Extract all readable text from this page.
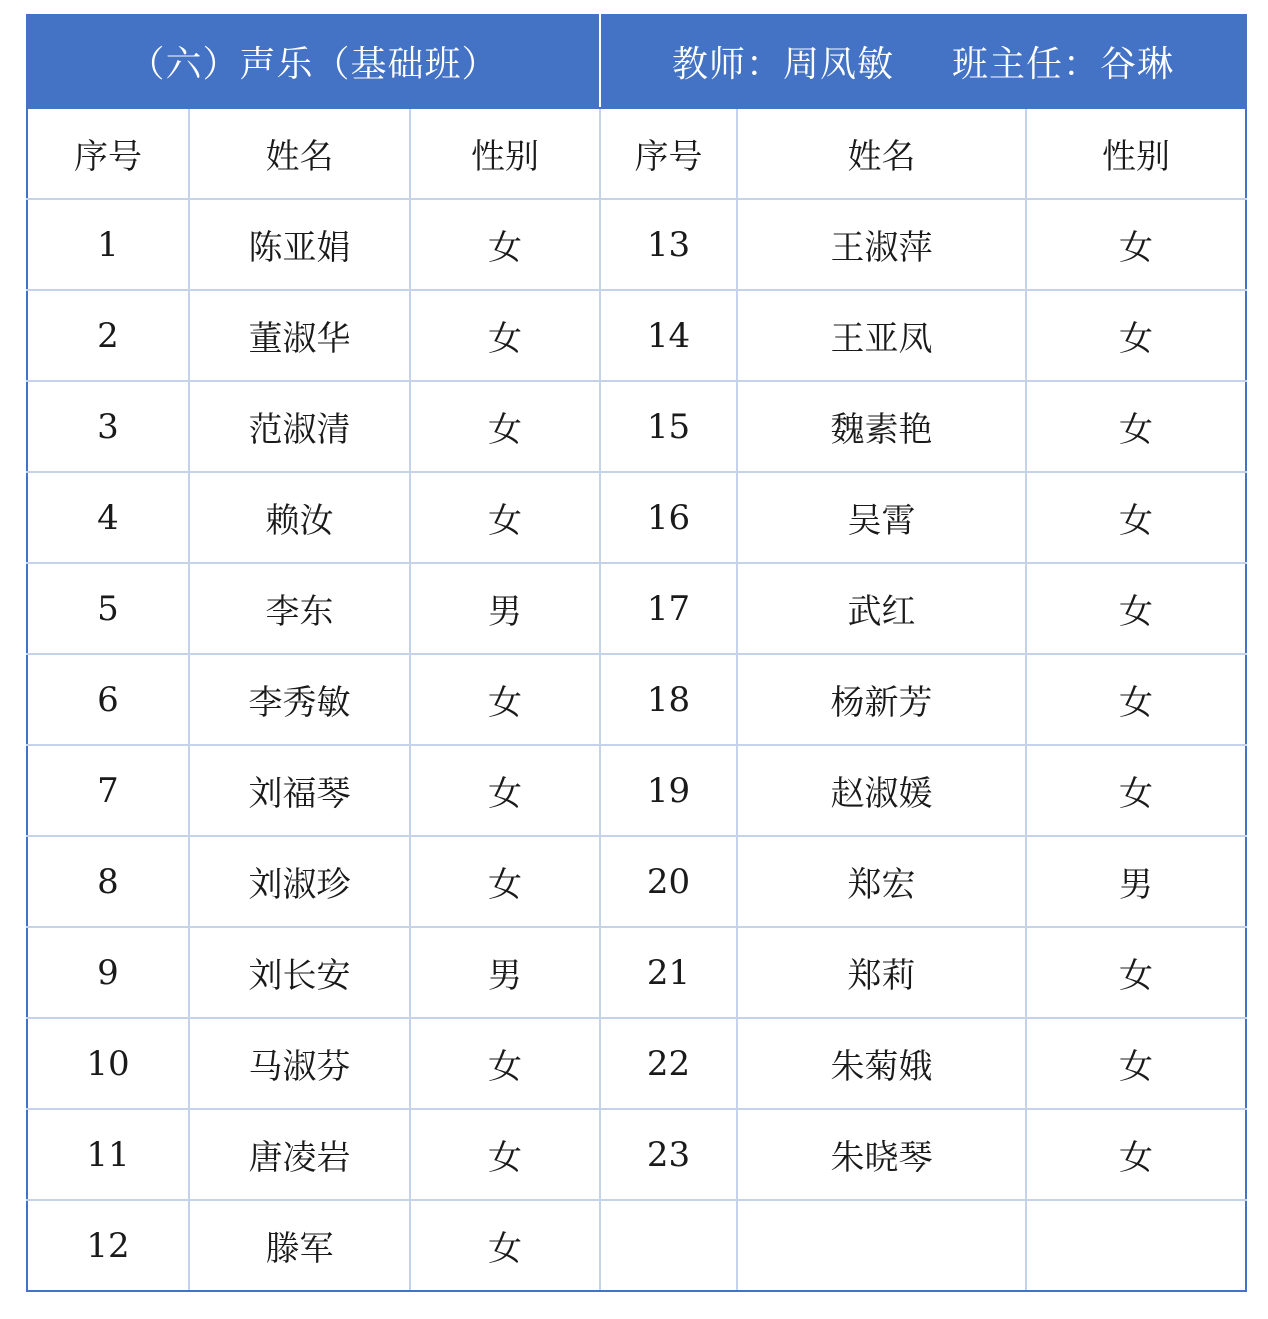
（六）声乐（基础班）			教师：周凤敏 班主任：谷琳		
序号	姓名	性别	序号	姓名	性别
1	陈亚娟	女	13	王淑萍	女
2	董淑华	女	14	王亚凤	女
3	范淑清	女	15	魏素艳	女
4	赖汝	女	16	吴霄	女
5	李东	男	17	武红	女
6	李秀敏	女	18	杨新芳	女
7	刘福琴	女	19	赵淑媛	女
8	刘淑珍	女	20	郑宏	男
9	刘长安	男	21	郑莉	女
10	马淑芬	女	22	朱菊娥	女
11	唐凌岩	女	23	朱晓琴	女
12	滕军	女			
